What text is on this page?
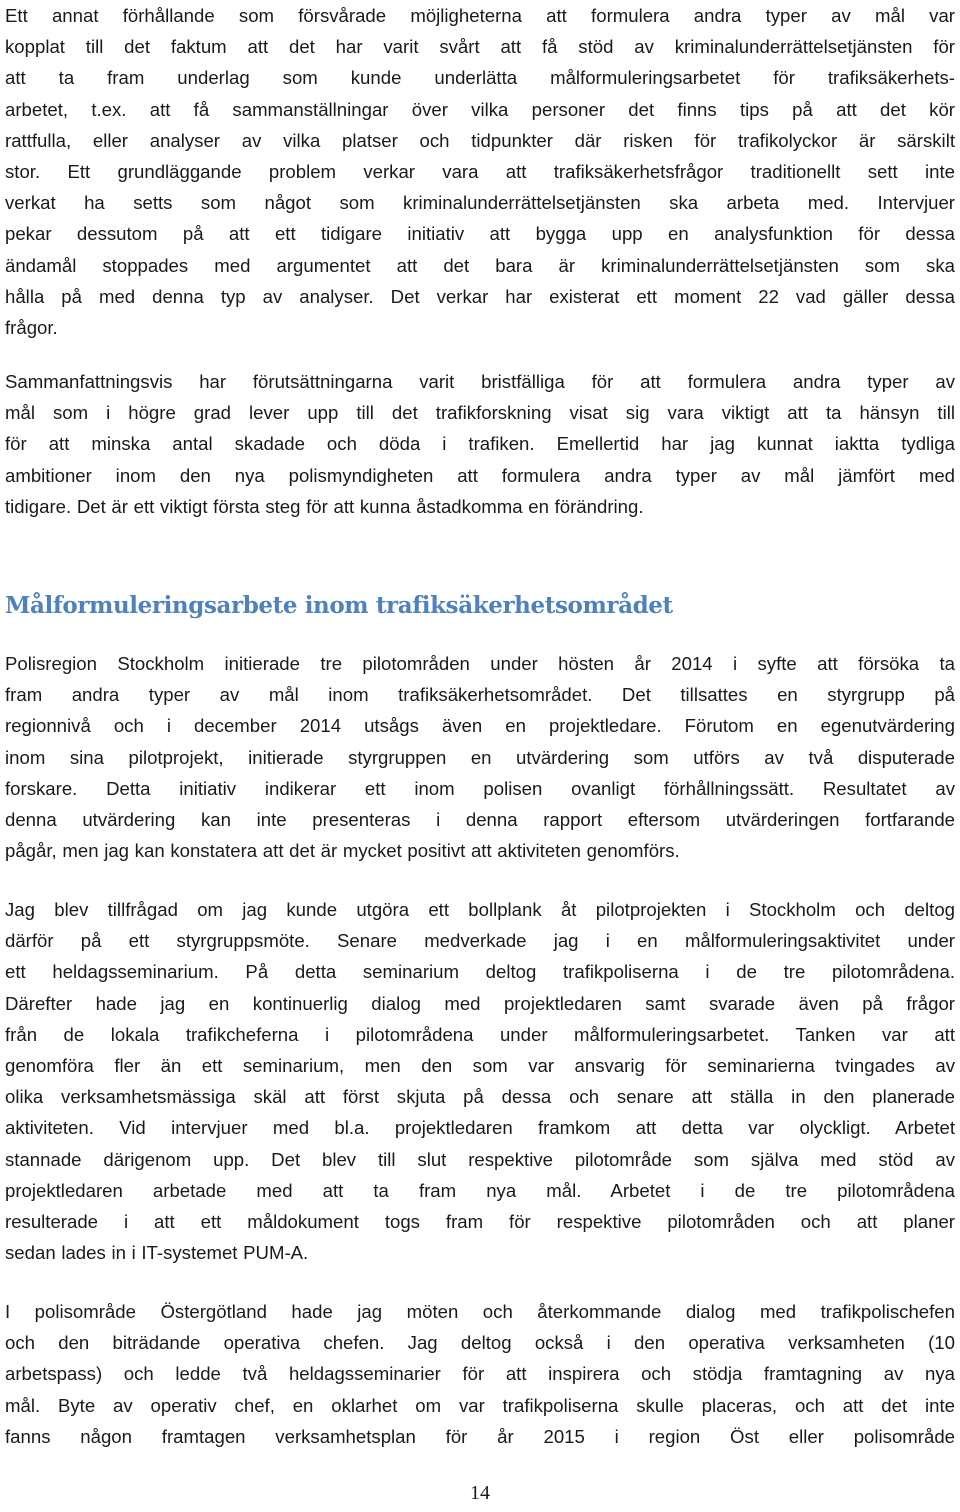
Ett annat förhållande som försvårade möjligheterna att formulera andra typer av mål var
kopplat till det faktum att det har varit svårt att få stöd av kriminalunderrättelsetjänsten för
att ta fram underlag som kunde underlätta målformuleringsarbetet för trafiksäkerhets-
arbetet, t.ex. att få sammanställningar över vilka personer det finns tips på att det kör
rattfulla, eller analyser av vilka platser och tidpunkter där risken för trafikolyckor är särskilt
stor. Ett grundläggande problem verkar vara att trafiksäkerhetsfrågor traditionellt sett inte
verkat ha setts som något som kriminalunderrättelsetjänsten ska arbeta med. Intervjuer
pekar dessutom på att ett tidigare initiativ att bygga upp en analysfunktion för dessa
ändamål stoppades med argumentet att det bara är kriminalunderrättelsetjänsten som ska
hålla på med denna typ av analyser. Det verkar har existerat ett moment 22 vad gäller dessa
frågor.

Sammanfattningsvis har förutsättningarna varit bristfälliga för att formulera andra typer av
mål som i högre grad lever upp till det trafikforskning visat sig vara viktigt att ta hänsyn till
för att minska antal skadade och döda i trafiken. Emellertid har jag kunnat iaktta tydliga
ambitioner inom den nya polismyndigheten att formulera andra typer av mål jämfört med
tidigare. Det är ett viktigt första steg för att kunna åstadkomma en förändring.

Målformuleringsarbete inom trafiksäkerhetsområdet

Polisregion Stockholm initierade tre pilotområden under hösten år 2014 i syfte att försöka ta
fram andra typer av mål inom trafiksäkerhetsområdet. Det tillsattes en styrgrupp på
regionnivå och i december 2014 utsågs även en projektledare. Förutom en egenutvärdering
inom sina pilotprojekt, initierade styrgruppen en utvärdering som utförs av två disputerade
forskare. Detta initiativ indikerar ett inom polisen ovanligt förhållningssätt. Resultatet av
denna utvärdering kan inte presenteras i denna rapport eftersom utvärderingen fortfarande
pågår, men jag kan konstatera att det är mycket positivt att aktiviteten genomförs.

Jag blev tillfrågad om jag kunde utgöra ett bollplank åt pilotprojekten i Stockholm och deltog
därför på ett styrgruppsmöte. Senare medverkade jag i en målformuleringsaktivitet under
ett heldagsseminarium. På detta seminarium deltog trafikpoliserna i de tre pilotområdena.
Därefter hade jag en kontinuerlig dialog med projektledaren samt svarade även på frågor
från de lokala trafikcheferna i pilotområdena under målformuleringsarbetet. Tanken var att
genomföra fler än ett seminarium, men den som var ansvarig för seminarierna tvingades av
olika verksamhetsmässiga skäl att först skjuta på dessa och senare att ställa in den planerade
aktiviteten. Vid intervjuer med bl.a. projektledaren framkom att detta var olyckligt. Arbetet
stannade därigenom upp. Det blev till slut respektive pilotområde som själva med stöd av
projektledaren arbetade med att ta fram nya mål. Arbetet i de tre pilotområdena
resulterade i att ett måldokument togs fram för respektive pilotområden och att planer
sedan lades in i IT-systemet PUM-A.

I polisområde Östergötland hade jag möten och återkommande dialog med trafikpolischefen
och den biträdande operativa chefen. Jag deltog också i den operativa verksamheten (10
arbetspass) och ledde två heldagsseminarier för att inspirera och stödja framtagning av nya
mål. Byte av operativ chef, en oklarhet om var trafikpoliserna skulle placeras, och att det inte
fanns någon framtagen verksamhetsplan för år 2015 i region Öst eller polisområde

14
